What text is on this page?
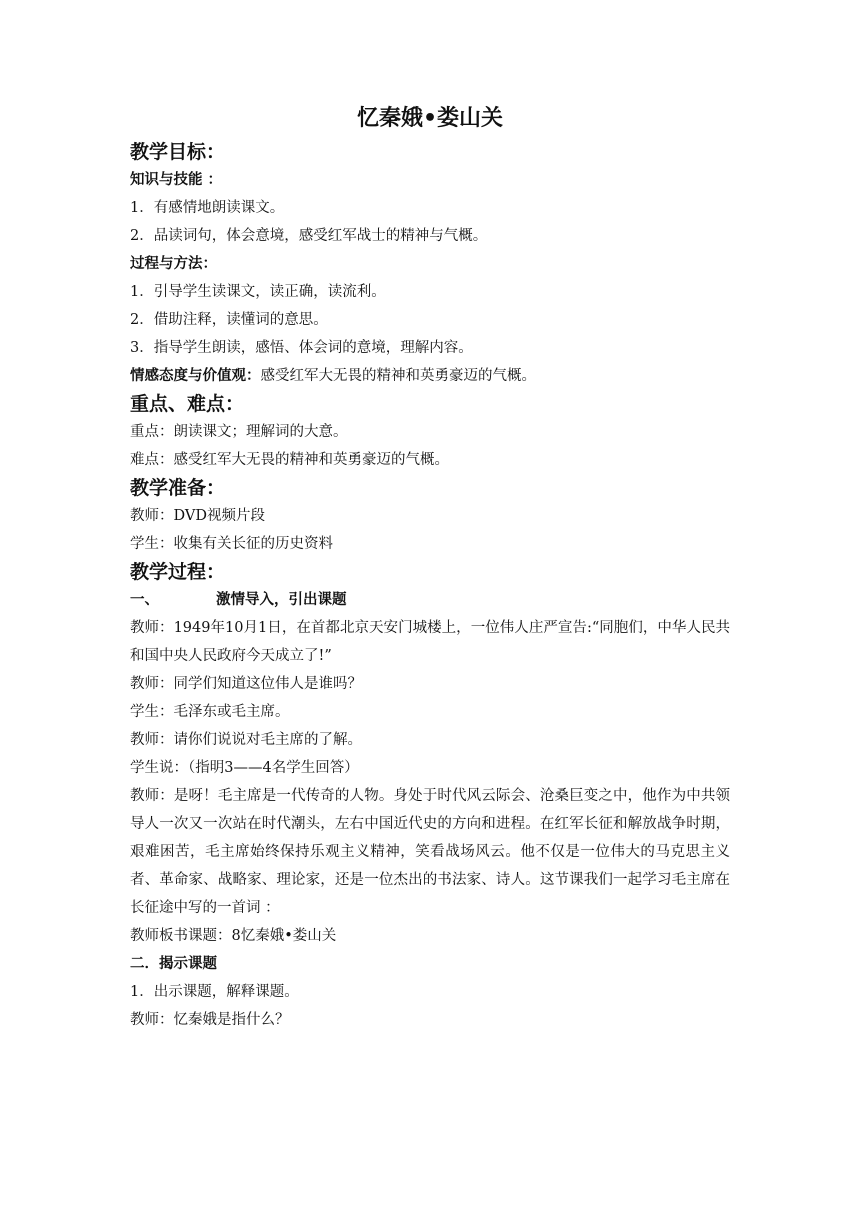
忆秦娥•娄山关

教学目标：

知识与技能 ：

1．有感情地朗读课文。

2．品读词句，体会意境，感受红军战士的精神与气概。

过程与方法：

1．引导学生读课文，读正确，读流利。

2．借助注释，读懂词的意思。

3．指导学生朗读，感悟、体会词的意境，理解内容。

情感态度与价值观：感受红军大无畏的精神和英勇豪迈的气概。

重点、难点：

重点：朗读课文；理解词的大意。

难点：感受红军大无畏的精神和英勇豪迈的气概。

教学准备：

教师：DVD视频片段

学生：收集有关长征的历史资料

教学过程：

一、	激情导入，引出课题

教师：1949年10月1日，在首都北京天安门城楼上，一位伟人庄严宣告:“同胞们，中华人民共和国中央人民政府今天成立了!”

教师：同学们知道这位伟人是谁吗？

学生：毛泽东或毛主席。

教师：请你们说说对毛主席的了解。

学生说：（指明3——4名学生回答）

教师：是呀！毛主席是一代传奇的人物。身处于时代风云际会、沧桑巨变之中，他作为中共领导人一次又一次站在时代潮头，左右中国近代史的方向和进程。在红军长征和解放战争时期，艰难困苦，毛主席始终保持乐观主义精神，笑看战场风云。他不仅是一位伟大的马克思主义者、革命家、战略家、理论家，还是一位杰出的书法家、诗人。这节课我们一起学习毛主席在长征途中写的一首词 ：

教师板书课题：8忆秦娥•娄山关

二．揭示课题

1．出示课题，解释课题。

教师：忆秦娥是指什么？
